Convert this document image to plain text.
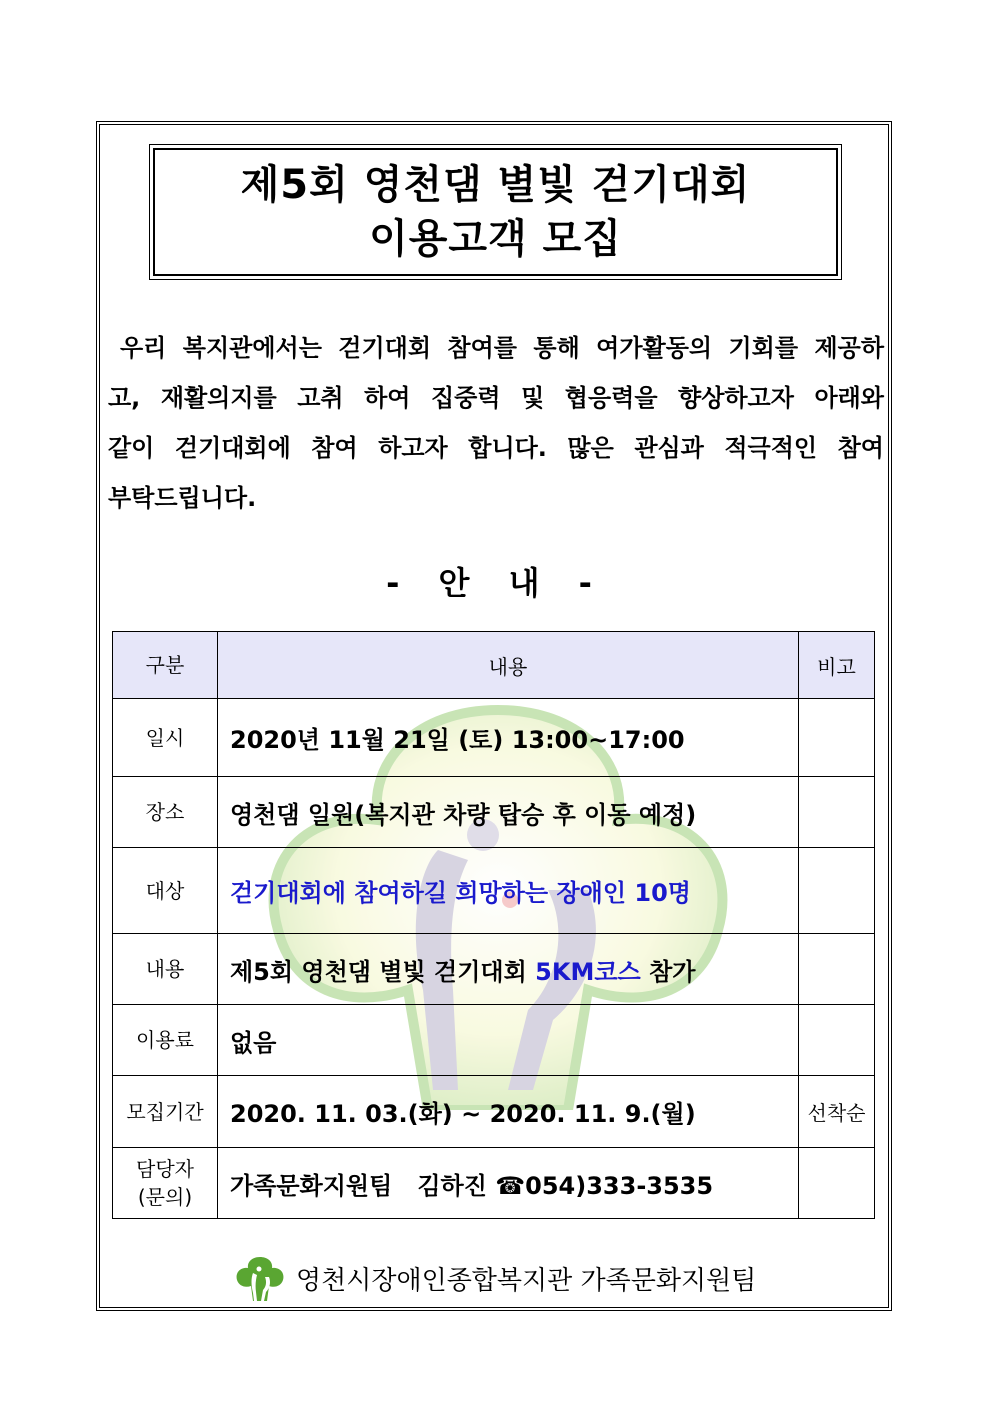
제5회 영천댐 별빛 걷기대회
이용고객 모집
우리 복지관에서는 걷기대회 참여를 통해 여가활동의 기회를 제공하고, 재활의지를 고취 하여 집중력 및 협응력을 향상하고자 아래와 같이 걷기대회에 참여 하고자 합니다. 많은 관심과 적극적인 참여 부탁드립니다.
- 안 내 -
구분	내용	비고
일시	2020년 11월 21일 (토) 13:00~17:00	
장소	영천댐 일원(복지관 차량 탑승 후 이동 예정)	
대상	걷기대회에 참여하길 희망하는 장애인 10명	
내용	제5회 영천댐 별빛 걷기대회 5KM코스 참가	
이용료	없음	
모집기간	2020. 11. 03.(화) ~ 2020. 11. 9.(월)	선착순

담당자
(문의)	가족문화지원팀   김하진 ☎054)333-3535	
영천시장애인종합복지관 가족문화지원팀
